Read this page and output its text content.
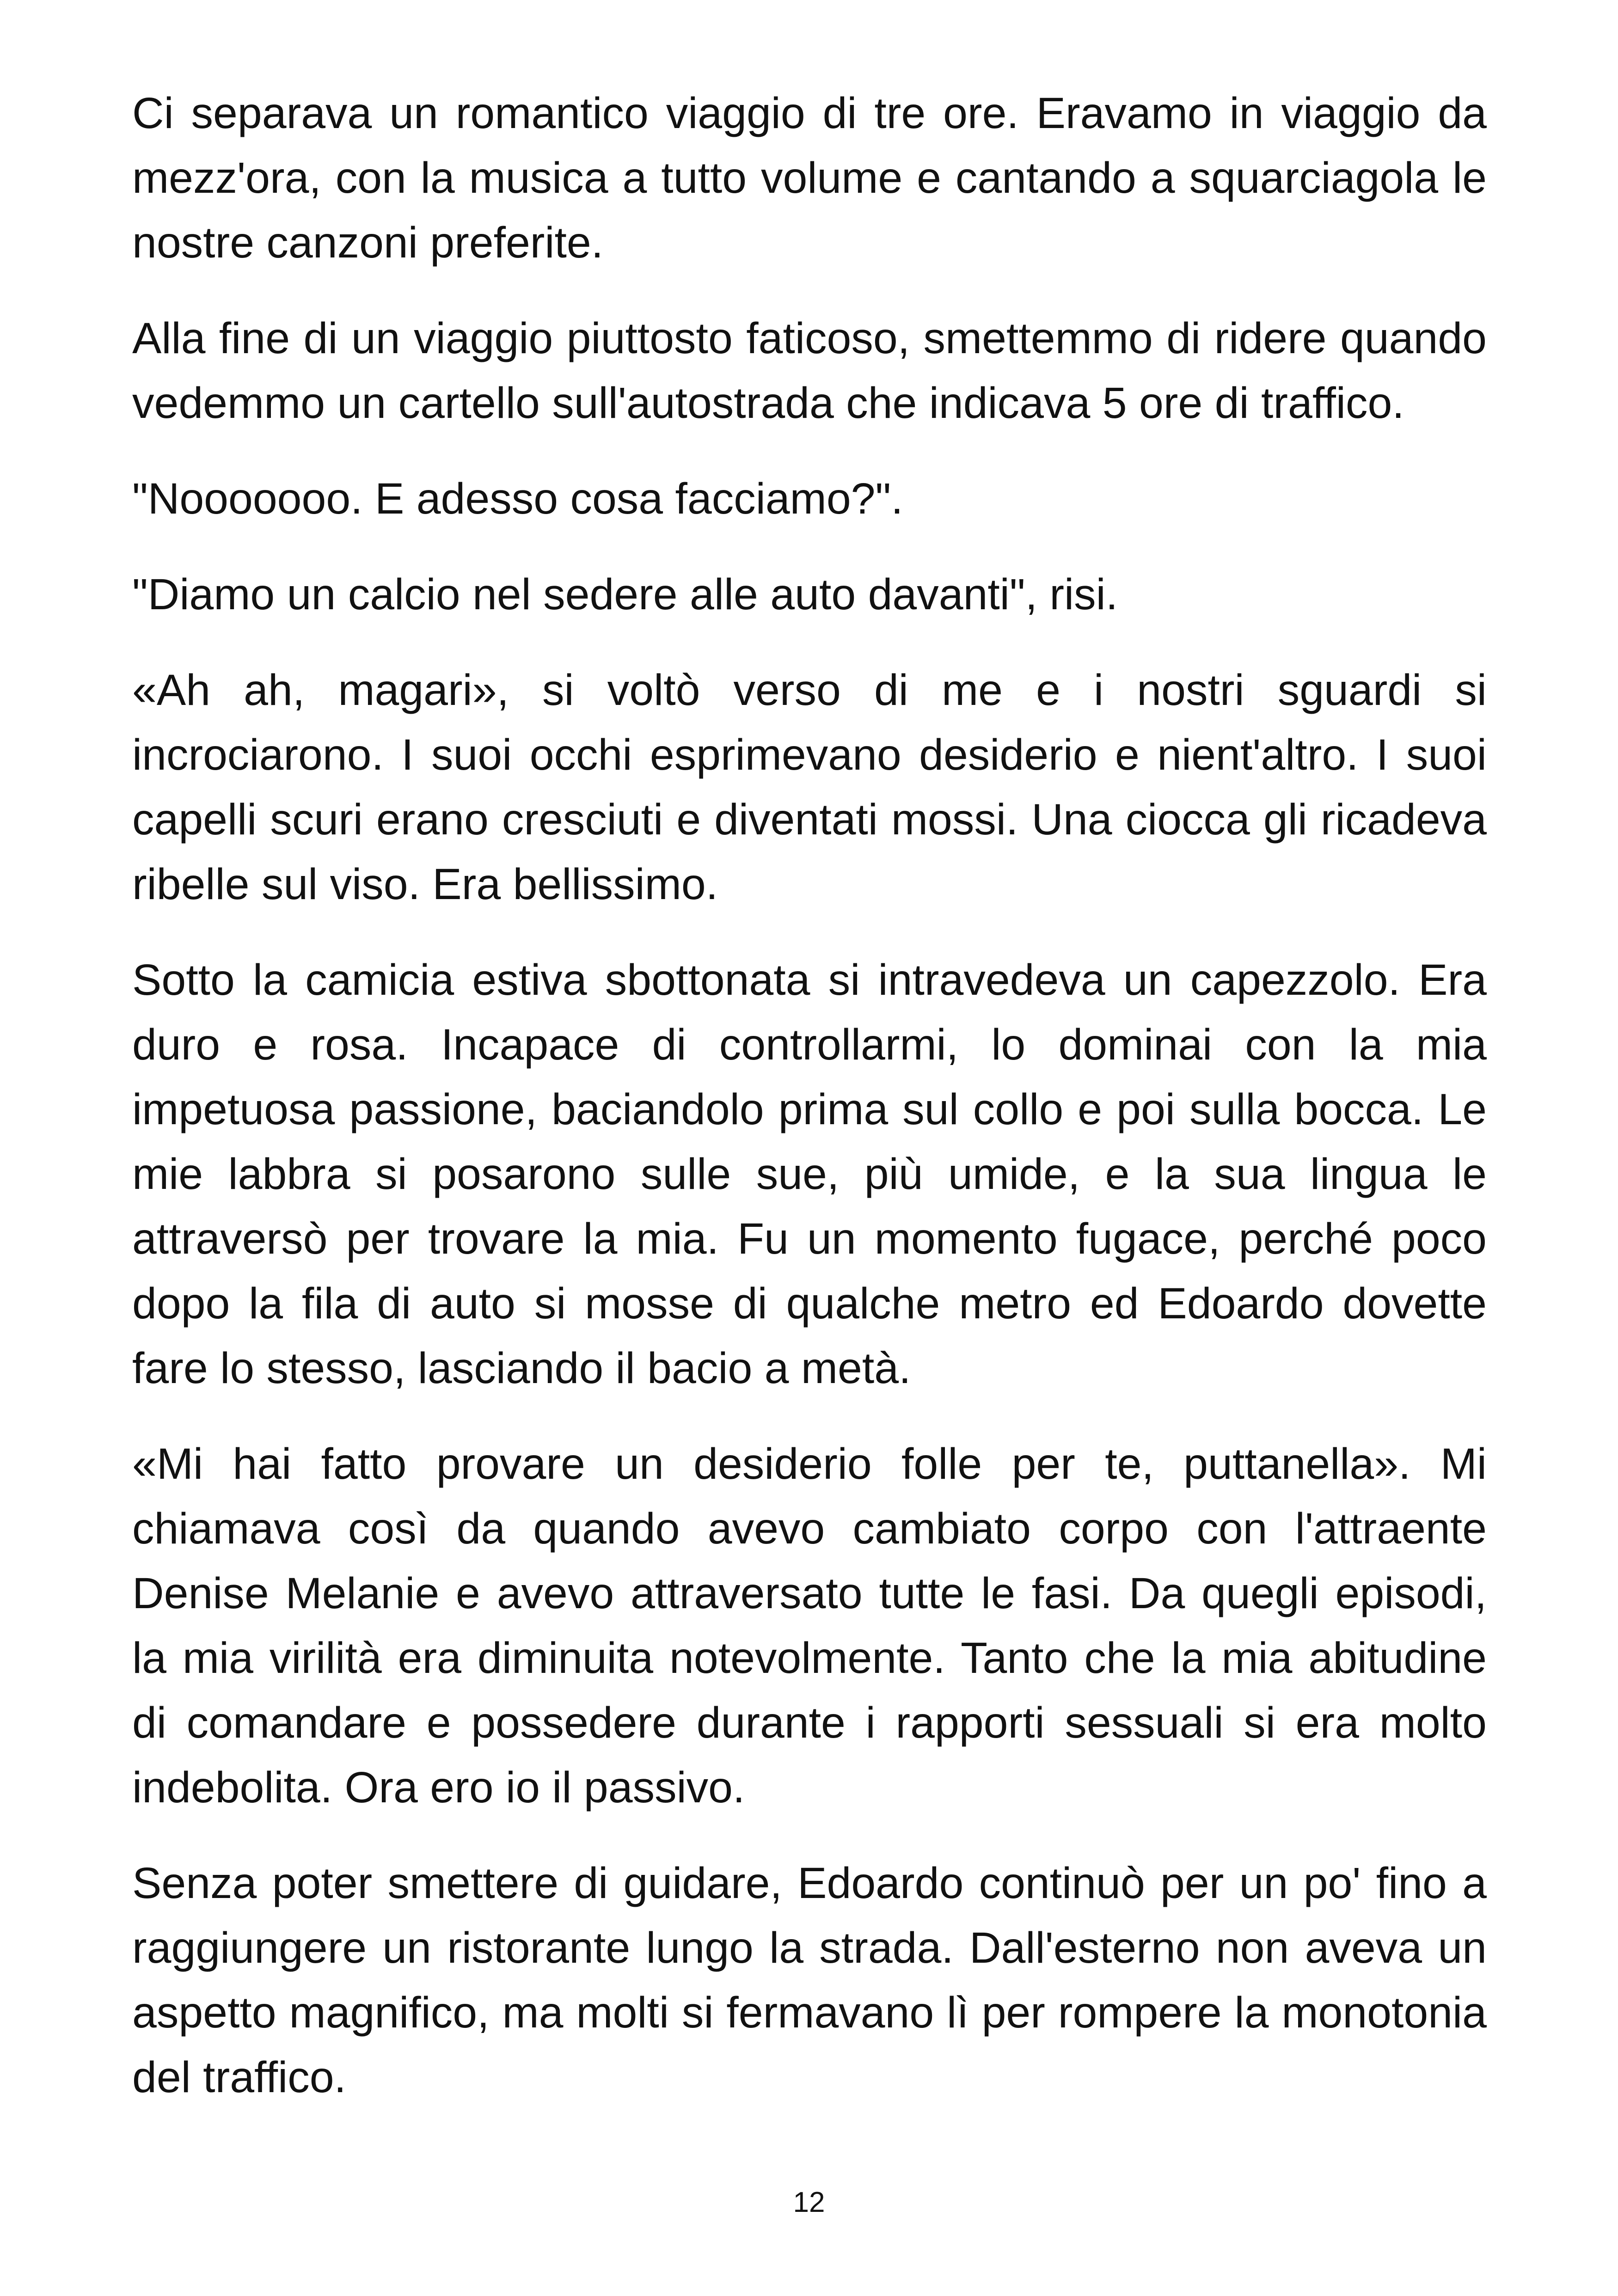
Ci separava un romantico viaggio di tre ore. Eravamo in viaggio da mezz'ora, con la musica a tutto volume e cantando a squarciagola le nostre canzoni preferite.

Alla fine di un viaggio piuttosto faticoso, smettemmo di ridere quando vedemmo un cartello sull'autostrada che indicava 5 ore di traffico.

"Nooooooo. E adesso cosa facciamo?".

"Diamo un calcio nel sedere alle auto davanti", risi.

«Ah ah, magari», si voltò verso di me e i nostri sguardi si incrociarono. I suoi occhi esprimevano desiderio e nient'altro. I suoi capelli scuri erano cresciuti e diventati mossi. Una ciocca gli ricadeva ribelle sul viso. Era bellissimo.

Sotto la camicia estiva sbottonata si intravedeva un capezzolo. Era duro e rosa. Incapace di controllarmi, lo dominai con la mia impetuosa passione, baciandolo prima sul collo e poi sulla bocca. Le mie labbra si posarono sulle sue, più umide, e la sua lingua le attraversò per trovare la mia. Fu un momento fugace, perché poco dopo la fila di auto si mosse di qualche metro ed Edoardo dovette fare lo stesso, lasciando il bacio a metà.

«Mi hai fatto provare un desiderio folle per te, puttanella». Mi chiamava così da quando avevo cambiato corpo con l'attraente Denise Melanie e avevo attraversato tutte le fasi. Da quegli episodi, la mia virilità era diminuita notevolmente. Tanto che la mia abitudine di comandare e possedere durante i rapporti sessuali si era molto indebolita. Ora ero io il passivo.

Senza poter smettere di guidare, Edoardo continuò per un po' fino a raggiungere un ristorante lungo la strada. Dall'esterno non aveva un aspetto magnifico, ma molti si fermavano lì per rompere la monotonia del traffico.

12
